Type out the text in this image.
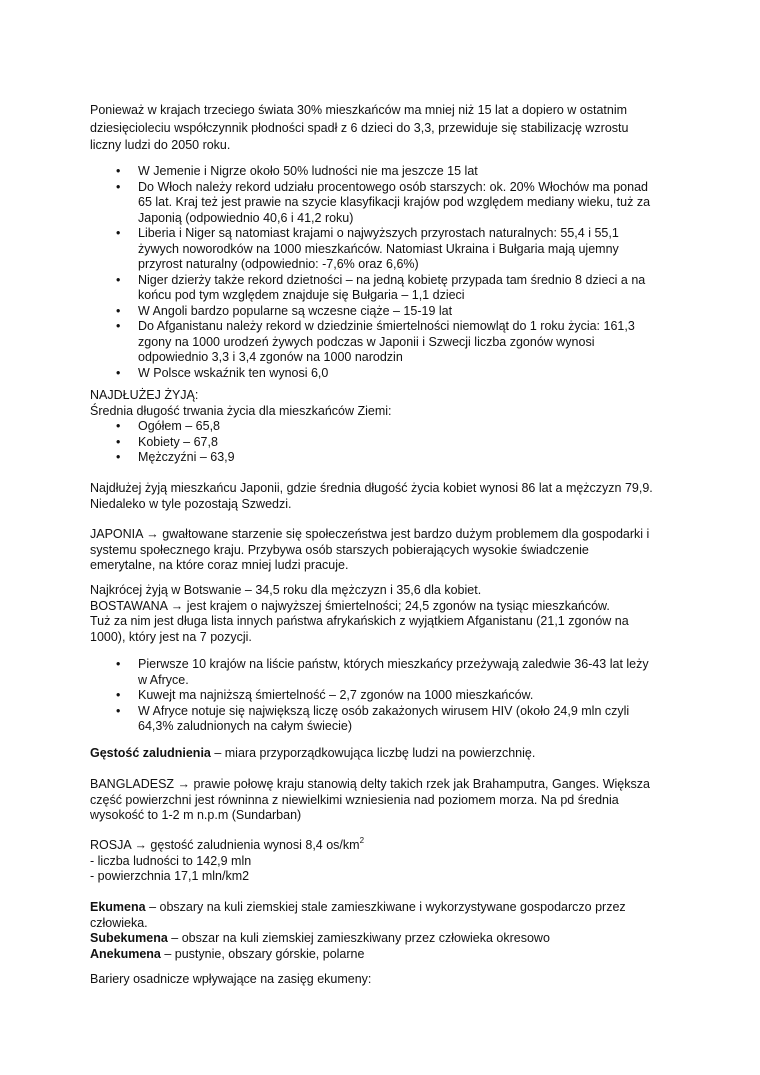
Ponieważ w krajach trzeciego świata 30% mieszkańców ma mniej niż 15 lat a dopiero w ostatnim
dziesięcioleciu współczynnik płodności spadł z 6 dzieci do 3,3, przewiduje się stabilizację wzrostu
liczny ludzi do 2050 roku.
• W Jemenie i Nigrze około 50% ludności nie ma jeszcze 15 lat
• Do Włoch należy rekord udziału procentowego osób starszych: ok. 20% Włochów ma ponad
65 lat. Kraj też jest prawie na szycie klasyfikacji krajów pod względem mediany wieku, tuż za
Japonią (odpowiednio 40,6 i 41,2 roku)
• Liberia i Niger są natomiast krajami o najwyższych przyrostach naturalnych: 55,4 i 55,1
żywych noworodków na 1000 mieszkańców. Natomiast Ukraina i Bułgaria mają ujemny
przyrost naturalny (odpowiednio: -7,6% oraz 6,6%)
• Niger dzierży także rekord dzietności – na jedną kobietę przypada tam średnio 8 dzieci a na
końcu pod tym względem znajduje się Bułgaria – 1,1 dzieci
• W Angoli bardzo popularne są wczesne ciąże – 15-19 lat
• Do Afganistanu należy rekord w dziedzinie śmiertelności niemowląt do 1 roku życia: 161,3
zgony na 1000 urodzeń żywych podczas w Japonii i Szwecji liczba zgonów wynosi
odpowiednio 3,3 i 3,4 zgonów na 1000 narodzin
• W Polsce wskaźnik ten wynosi 6,0
NAJDŁUŻEJ ŻYJĄ:
Średnia długość trwania życia dla mieszkańców Ziemi:
• Ogółem – 65,8
• Kobiety – 67,8
• Mężczyźni – 63,9
Najdłużej żyją mieszkańcu Japonii, gdzie średnia długość życia kobiet wynosi 86 lat a mężczyzn 79,9.
Niedaleko w tyle pozostają Szwedzi.
JAPONIA → gwałtowane starzenie się społeczeństwa jest bardzo dużym problemem dla gospodarki i
systemu społecznego kraju. Przybywa osób starszych pobierających wysokie świadczenie
emerytalne, na które coraz mniej ludzi pracuje.
Najkrócej żyją w Botswanie – 34,5 roku dla mężczyzn i 35,6 dla kobiet.
BOSTAWANA → jest krajem o najwyższej śmiertelności; 24,5 zgonów na tysiąc mieszkańców.
Tuż za nim jest długa lista innych państwa afrykańskich z wyjątkiem Afganistanu (21,1 zgonów na
1000), który jest na 7 pozycji.
• Pierwsze 10 krajów na liście państw, których mieszkańcy przeżywają zaledwie 36-43 lat leży
w Afryce.
• Kuwejt ma najniższą śmiertelność – 2,7 zgonów na 1000 mieszkańców.
• W Afryce notuje się największą liczę osób zakażonych wirusem HIV (około 24,9 mln czyli
64,3% zaludnionych na całym świecie)
Gęstość zaludnienia – miara przyporządkowująca liczbę ludzi na powierzchnię.
BANGLADESZ → prawie połowę kraju stanowią delty takich rzek jak Brahamputra, Ganges. Większa
część powierzchni jest równinna z niewielkimi wzniesienia nad poziomem morza. Na pd średnia
wysokość to 1-2 m n.p.m (Sundarban)
ROSJA → gęstość zaludnienia wynosi 8,4 $os/km^2$
- liczba ludności to 142,9 mln
- powierzchnia 17,1 mln/km2
Ekumena – obszary na kuli ziemskiej stale zamieszkiwane i wykorzystywane gospodarczo przez
człowieka.
Subekumena – obszar na kuli ziemskiej zamieszkiwany przez człowieka okresowo
Anekumena – pustynie, obszary górskie, polarne
Bariery osadnicze wpływające na zasięg ekumeny:
